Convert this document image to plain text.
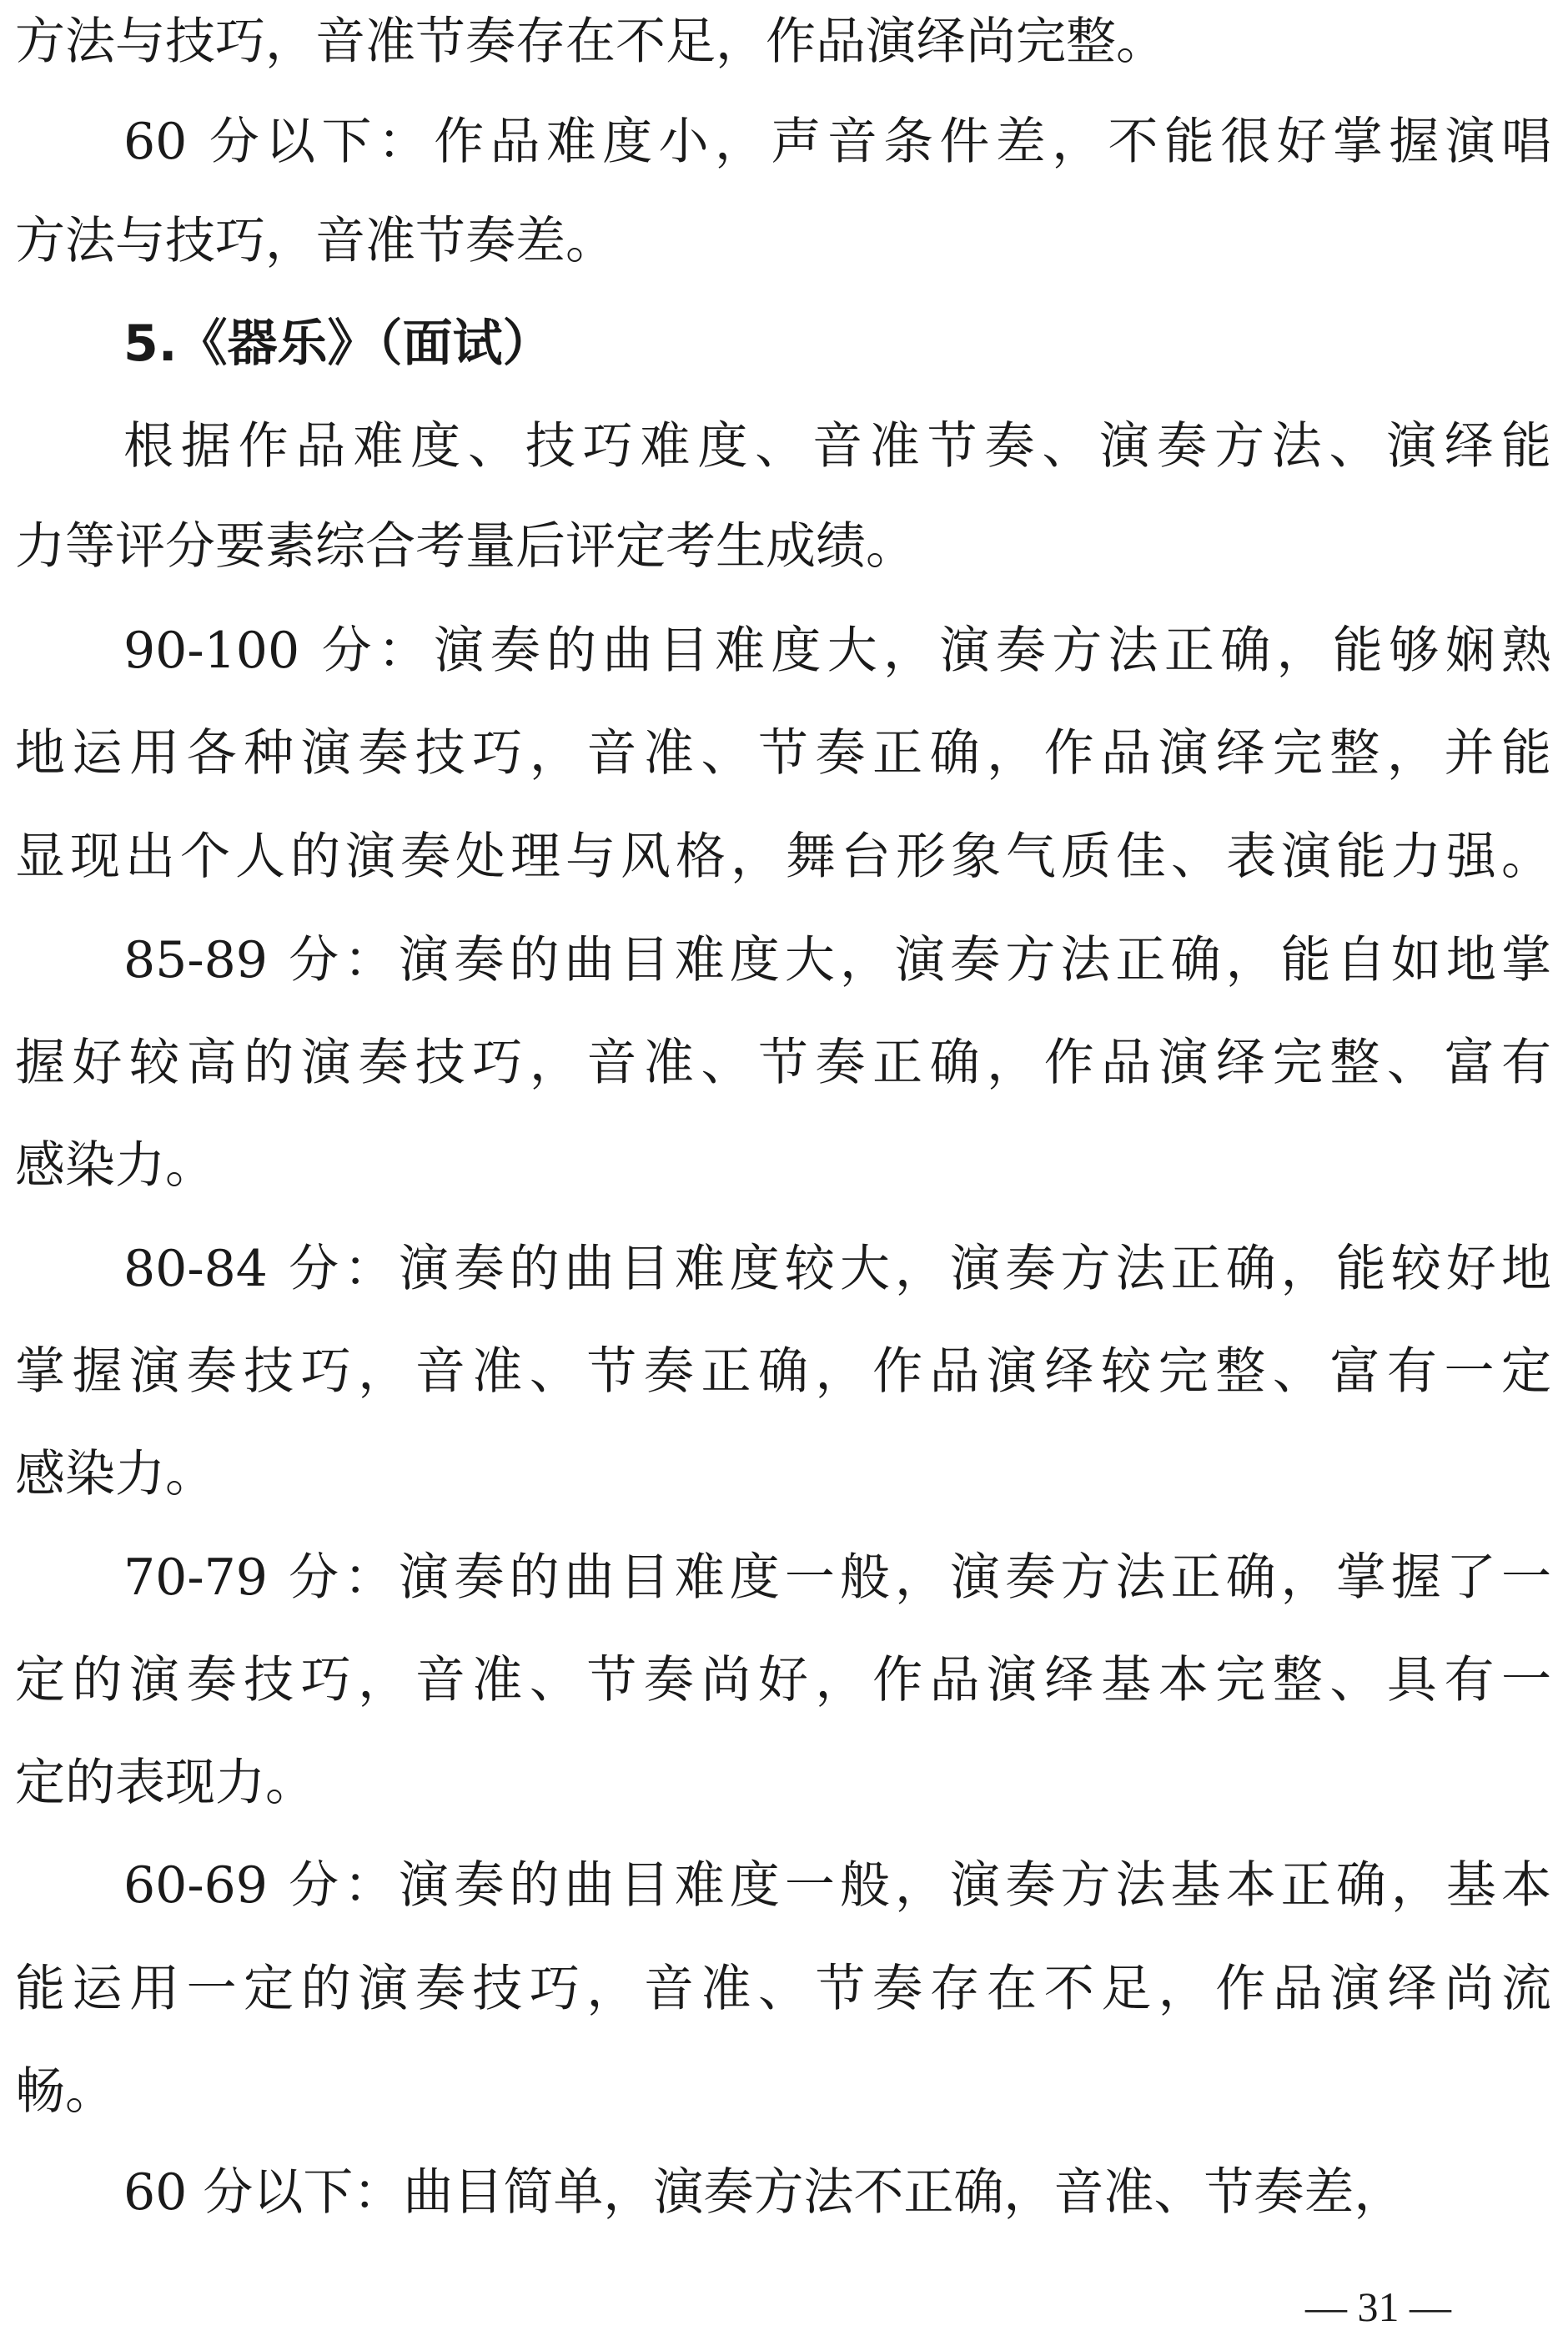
方法与技巧，音准节奏存在不足，作品演绎尚完整。
60 分以下：作品难度小，声音条件差，不能很好掌握演唱
方法与技巧，音准节奏差。
5.《器乐》（面试）
根据作品难度、技巧难度、音准节奏、演奏方法、演绎能
力等评分要素综合考量后评定考生成绩。
90-100 分：演奏的曲目难度大，演奏方法正确，能够娴熟
地运用各种演奏技巧，音准、节奏正确，作品演绎完整，并能
显现出个人的演奏处理与风格，舞台形象气质佳、表演能力强。
85-89 分：演奏的曲目难度大，演奏方法正确，能自如地掌
握好较高的演奏技巧，音准、节奏正确，作品演绎完整、富有
感染力。
80-84 分：演奏的曲目难度较大，演奏方法正确，能较好地
掌握演奏技巧，音准、节奏正确，作品演绎较完整、富有一定
感染力。
70-79 分：演奏的曲目难度一般，演奏方法正确，掌握了一
定的演奏技巧，音准、节奏尚好，作品演绎基本完整、具有一
定的表现力。
60-69 分：演奏的曲目难度一般，演奏方法基本正确，基本
能运用一定的演奏技巧，音准、节奏存在不足，作品演绎尚流
畅。
60 分以下：曲目简单，演奏方法不正确，音准、节奏差，
— 31 —
